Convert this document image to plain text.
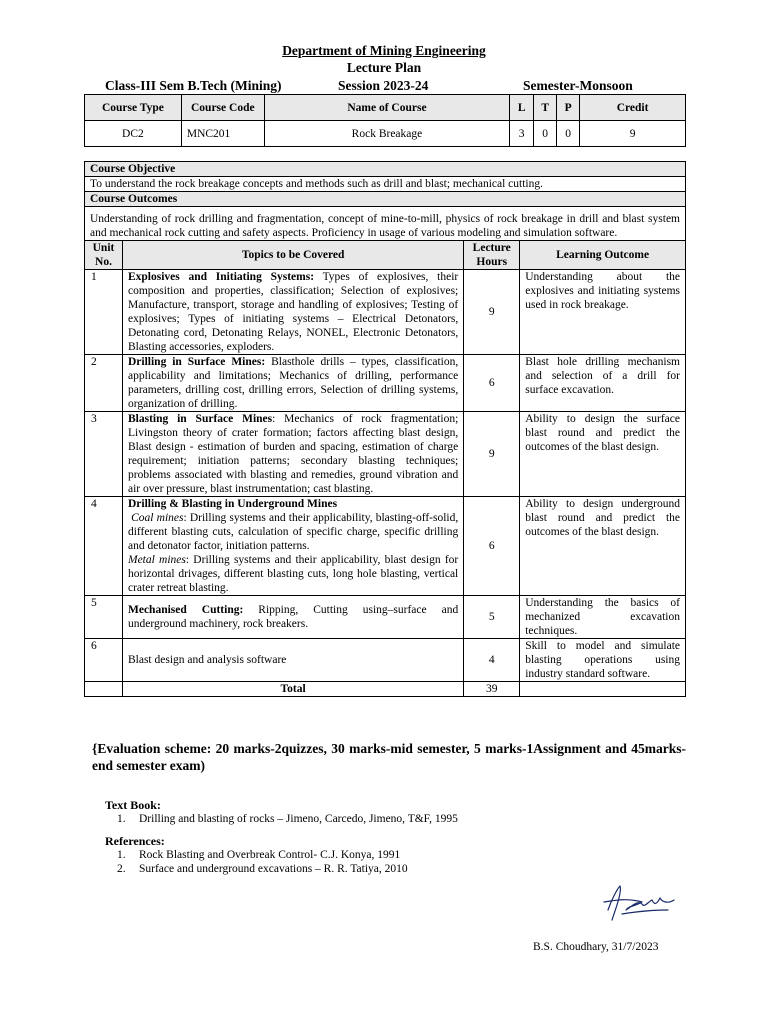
Department of Mining Engineering
Lecture Plan
Class-III Sem B.Tech (Mining)	Session 2023-24	Semester-Monsoon
Course Type	Course Code	Name of Course	L	T	P	Credit
DC2	MNC201	Rock Breakage	3	0	0	9
Course Objective			
To understand the rock breakage concepts and methods such as drill and blast; mechanical cutting.			
Course Outcomes			
Understanding of rock drilling and fragmentation, concept of mine-to-mill, physics of rock breakage in drill and blast system and mechanical rock cutting and safety aspects. Proficiency in usage of various modeling and simulation software.			
Unit No.	Topics to be Covered	Lecture Hours	Learning Outcome
1	Explosives and Initiating Systems: Types of explosives, their composition and properties, classification; Selection of explosives; Manufacture, transport, storage and handling of explosives; Testing of explosives; Types of initiating systems – Electrical Detonators, Detonating cord, Detonating Relays, NONEL, Electronic Detonators, Blasting accessories, exploders.	9	Understanding about the explosives and initiating systems used in rock breakage.
2	Drilling in Surface Mines: Blasthole drills – types, classification, applicability and limitations; Mechanics of drilling, performance parameters, drilling cost, drilling errors, Selection of drilling systems, organization of drilling.	6	Blast hole drilling mechanism and selection of a drill for surface excavation.
3	Blasting in Surface Mines: Mechanics of rock fragmentation; Livingston theory of crater formation; factors affecting blast design, Blast design - estimation of burden and spacing, estimation of charge requirement; initiation patterns; secondary blasting techniques; problems associated with blasting and remedies, ground vibration and air over pressure, blast instrumentation; cast blasting.	9	Ability to design the surface blast round and predict the outcomes of the blast design.
4	Drilling & Blasting in Underground Mines
Coal mines: Drilling systems and their applicability, blasting-off-solid, different blasting cuts, calculation of specific charge, specific drilling and detonator factor, initiation patterns.
Metal mines: Drilling systems and their applicability, blast design for horizontal drivages, different blasting cuts, long hole blasting, vertical crater retreat blasting.	6	Ability to design underground blast round and predict the outcomes of the blast design.
5	Mechanised Cutting: Ripping, Cutting using–surface and underground machinery, rock breakers.	5	Understanding the basics of mechanized excavation techniques.
6	Blast design and analysis software	4	Skill to model and simulate blasting operations using industry standard software.
	Total	39	
{Evaluation scheme: 20 marks-2quizzes, 30 marks-mid semester, 5 marks-1Assignment and 45marks- end semester exam)
Text Book:
1. Drilling and blasting of rocks – Jimeno, Carcedo, Jimeno, T&F, 1995
References:
1. Rock Blasting and Overbreak Control- C.J. Konya, 1991
2. Surface and underground excavations – R. R. Tatiya, 2010
B.S. Choudhary, 31/7/2023
